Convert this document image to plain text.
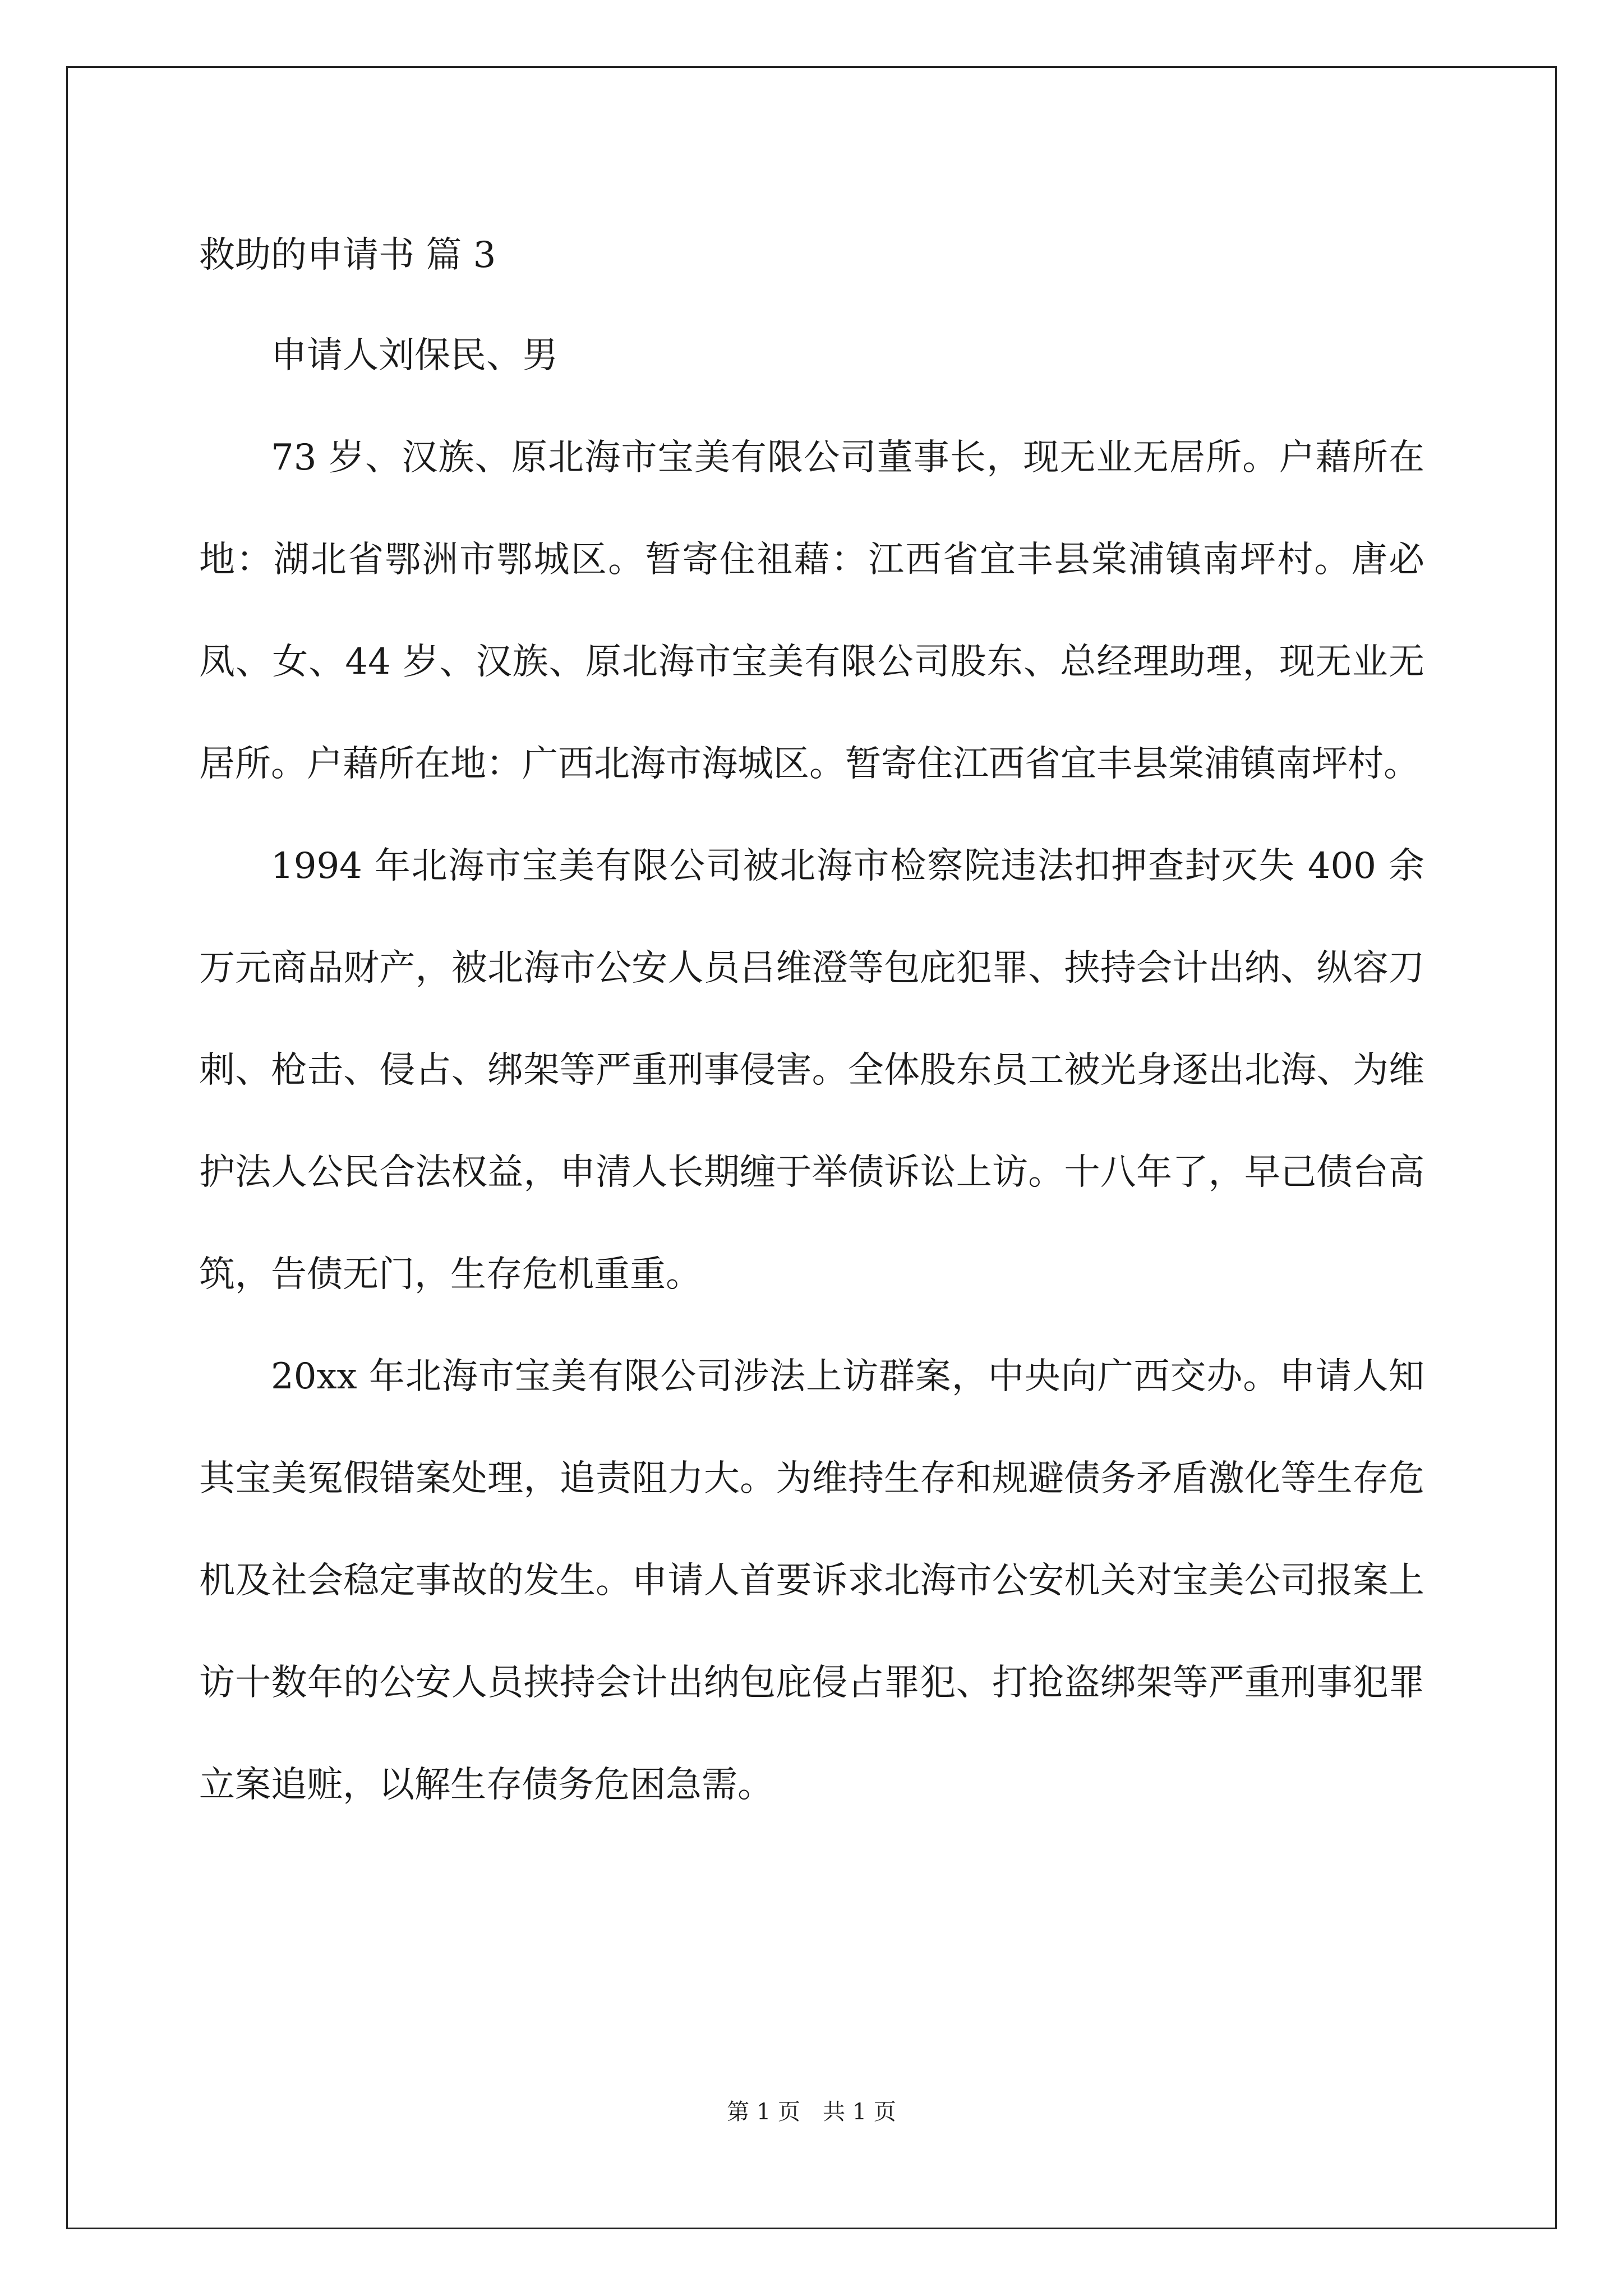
救助的申请书 篇 3

申请人刘保民、男

73 岁、汉族、原北海市宝美有限公司董事长，现无业无居所。户藉所在地：湖北省鄂洲市鄂城区。暂寄住祖藉：江西省宜丰县棠浦镇南坪村。唐必凤、女、44 岁、汉族、原北海市宝美有限公司股东、总经理助理，现无业无居所。户藉所在地：广西北海市海城区。暂寄住江西省宜丰县棠浦镇南坪村。

1994 年北海市宝美有限公司被北海市检察院违法扣押查封灭失 400 余万元商品财产，被北海市公安人员吕维澄等包庇犯罪、挟持会计出纳、纵容刀刺、枪击、侵占、绑架等严重刑事侵害。全体股东员工被光身逐出北海、为维护法人公民合法权益，申清人长期缠于举债诉讼上访。十八年了，早己债台高筑，告债无门，生存危机重重。

20xx 年北海市宝美有限公司涉法上访群案，中央向广西交办。申请人知其宝美冤假错案处理，追责阻力大。为维持生存和规避债务矛盾激化等生存危机及社会稳定事故的发生。申请人首要诉求北海市公安机关对宝美公司报案上访十数年的公安人员挟持会计出纳包庇侵占罪犯、打抢盗绑架等严重刑事犯罪立案追赃，以解生存债务危困急需。

第 1 页 共 1 页
